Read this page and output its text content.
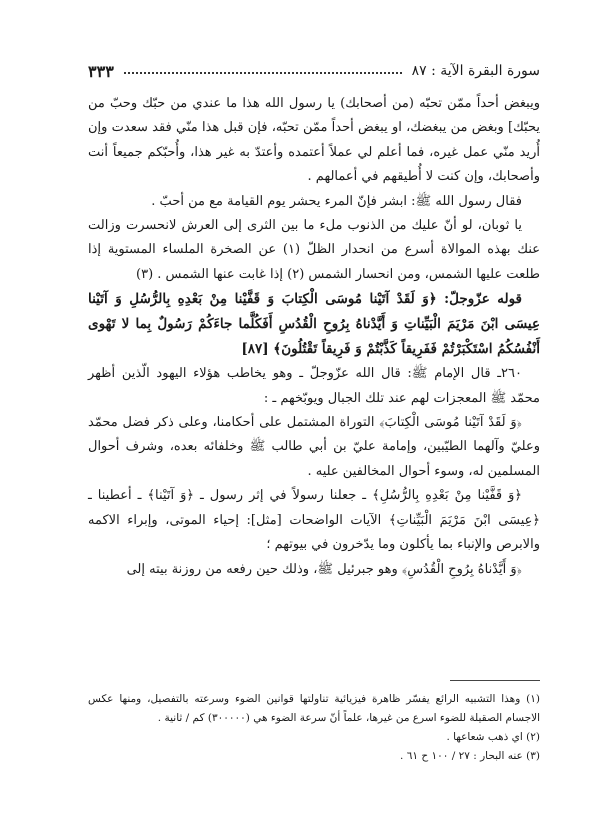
سورة البقرة الآية : ٨٧
٣٣٣

ويبغض أحداً ممّن تحبّه (من أصحابك) يا رسول الله هذا ما عندي من حبّك وحبّ من يحبّك] وبغض من يبغضك، او يبغض أحداً ممّن تحبّه، فإن قبل هذا منّي فقد سعدت وإن أُريد منّي عمل غيره، فما أعلم لي عملاً أعتمده وأعتدّ به غير هذا، وأُحبّكم جميعاً أنت وأصحابك، وإن كنت لا أُطيقهم في أعمالهم .

فقال رسول الله ﷺ: ابشر فإنّ المرء يحشر يوم القيامة مع من أحبّ .

يا ثوبان، لو أنّ عليك من الذنوب ملء ما بين الثرى إلى العرش لانحسرت وزالت عنك بهذه الموالاة أسرع من انحدار الظلّ (١) عن الصخرة الملساء المستوية إذا طلعت عليها الشمس، ومن انحسار الشمس (٢) إذا غابت عنها الشمس . (٣)

قوله عزّوجلّ: ﴿وَ لَقَدْ آتَيْنا مُوسَى الْكِتابَ وَ قَفَّيْنا مِنْ بَعْدِهِ بِالرُّسُلِ وَ آتَيْنا عِيسَى ابْنَ مَرْيَمَ الْبَيِّناتِ وَ أَيَّدْناهُ بِرُوحِ الْقُدُسِ أَفَكُلَّما جاءَكُمْ رَسُولٌ بِما لا تَهْوى أَنْفُسُكُمُ اسْتَكْبَرْتُمْ فَفَرِيقاً كَذَّبْتُمْ وَ فَرِيقاً تَقْتُلُونَ﴾ [٨٧]

٢٦٠ـ قال الإمام ﷺ: قال الله عزّوجلّ ـ وهو يخاطب هؤلاء اليهود الّذين أظهر محمّد ﷺ المعجزات لهم عند تلك الجبال ويوبّخهم ـ :

﴿وَ لَقَدْ آتَيْنا مُوسَى الْكِتابَ﴾ التوراة المشتمل على أحكامنا، وعلى ذكر فضل محمّد وعليّ وآلهما الطيّبين، وإمامة عليّ بن أبي طالب ﷺ وخلفائه بعده، وشرف أحوال المسلمين له، وسوء أحوال المخالفين عليه .

﴿وَ قَفَّيْنا مِنْ بَعْدِهِ بِالرُّسُلِ﴾ ـ جعلنا رسولاً في إثر رسول ـ ﴿وَ آتَيْنا﴾ ـ أعطينا ـ ﴿عِيسَى ابْنَ مَرْيَمَ الْبَيِّناتِ﴾ الآيات الواضحات [مثل]: إحياء الموتى، وإبراء الاكمه والابرص والإنباء بما يأكلون وما يدّخرون في بيوتهم ؛

﴿وَ أَيَّدْناهُ بِرُوحِ الْقُدُسِ﴾ وهو جبرئيل ﷺ، وذلك حين رفعه من روزنة بيته إلى

(١) وهذا التشبيه الرائع يفسّر ظاهرة فيزيائية تناولتها قوانين الضوء وسرعته بالتفصيل، ومنها عكس الاجسام الصقيلة للضوء اسرع من غيرها، علماً أنّ سرعة الضوء هي (٣٠٠٠٠٠) كم / ثانية .

(٢) اي ذهب شعاعها .

(٣) عنه البحار : ٢٧ / ١٠٠ ح ٦١ .
